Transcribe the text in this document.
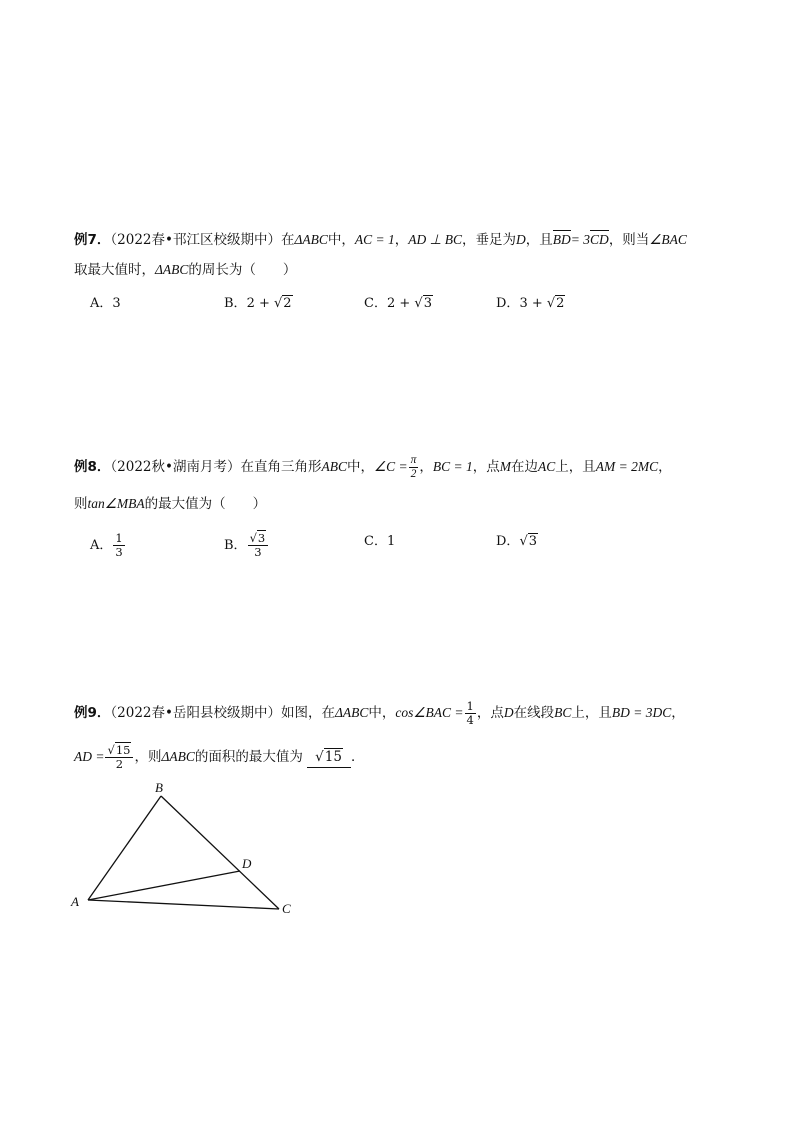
例7．（2022春•邗江区校级期中）在ΔABC中，AC = 1，AD ⊥ BC，垂足为D，且BD= 3CD，则当∠BAC
取最大值时，ΔABC的周长为（　　）
A．3	B．2 + √2	C．2 + √3	D．3 + √2
例8．（2022秋•湖南月考）在直角三角形ABC中，∠C = $\frac{\pi}{2}$ ，BC = 1，点M在边AC上，且AM = 2MC，
则tan∠MBA的最大值为（　　）
A． $\frac{1}{3}$	B． $\frac{√3}{3}$	C．1	D．√3
例9．（2022春•岳阳县校级期中）如图，在ΔABC中，cos∠BAC = $\frac{1}{4}$ ，点D在线段BC上，且BD = 3DC，
AD = $\frac{√15}{2}$ ，则ΔABC的面积的最大值为 √15 ．
A
B
C
D
